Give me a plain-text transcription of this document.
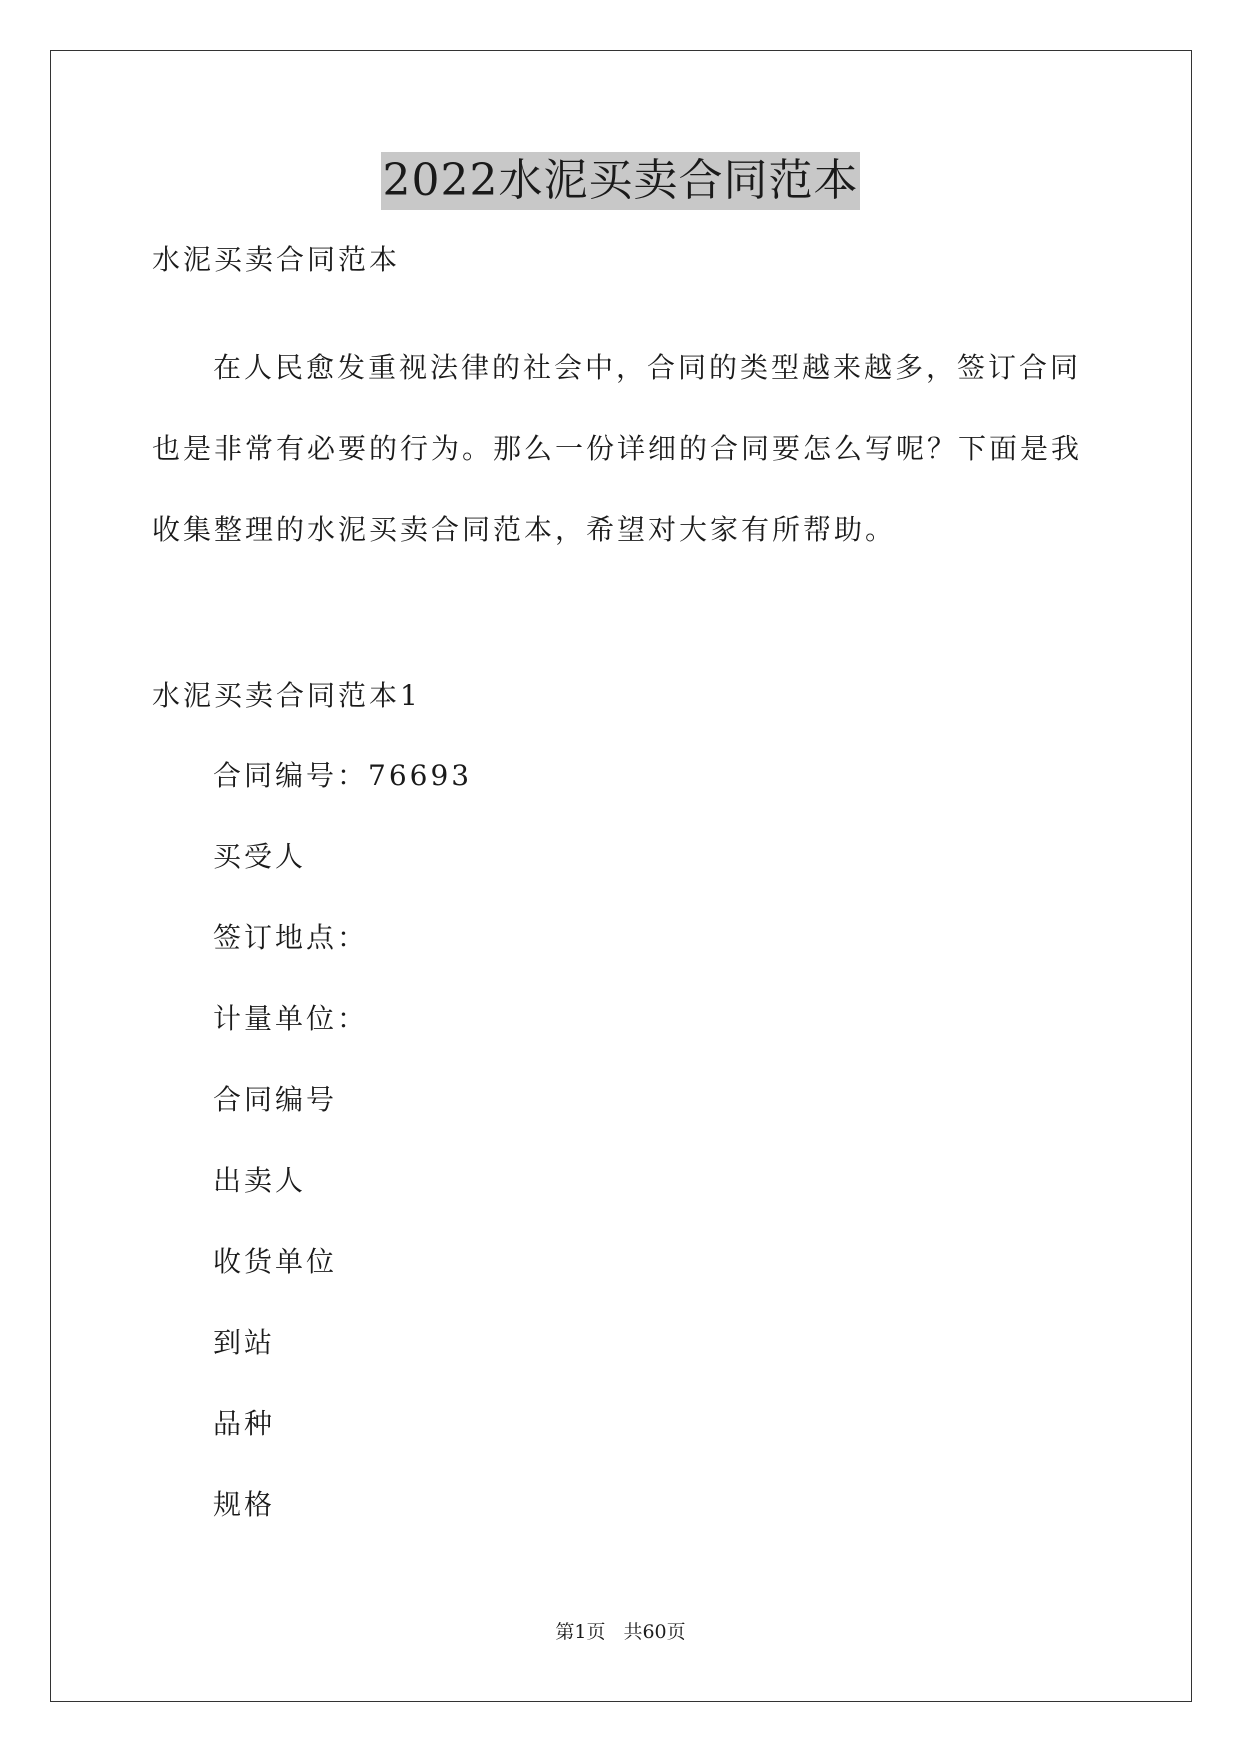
2022水泥买卖合同范本
水泥买卖合同范本
在人民愈发重视法律的社会中，合同的类型越来越多，签订合同
也是非常有必要的行为。那么一份详细的合同要怎么写呢？下面是我
收集整理的水泥买卖合同范本，希望对大家有所帮助。
水泥买卖合同范本1
合同编号：76693
买受人
签订地点：
计量单位：
合同编号
出卖人
收货单位
到站
品种
规格
第1页 共60页
